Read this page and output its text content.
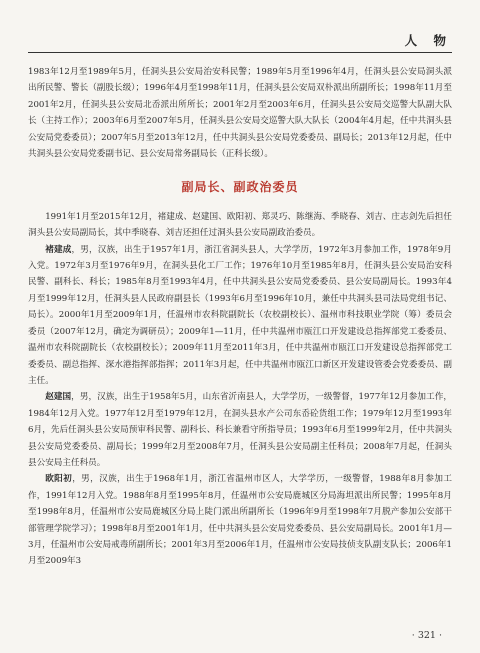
人 物

1983年12月至1989年5月，任洞头县公安局治安科民警；1989年5月至1996年4月，任洞头县公安局洞头派出所民警、警长（副股长级）；1996年4月至1998年11月，任洞头县公安局双朴派出所副所长；1998年11月至2001年2月，任洞头县公安局北岙派出所所长；2001年2月至2003年6月，任洞头县公安局交巡警大队副大队长（主持工作）；2003年6月至2007年5月，任洞头县公安局交巡警大队大队长（2004年4月起，任中共洞头县公安局党委委员）；2007年5月至2013年12月，任中共洞头县公安局党委委员、副局长；2013年12月起，任中共洞头县公安局党委副书记、县公安局常务副局长（正科长级）。

副局长、副政治委员

1991年1月至2015年12月，褚建成、赵建国、欧阳初、郑灵巧、陈继海、季晓春、刘吉、庄志剑先后担任洞头县公安局副局长，其中季晓春、刘吉还担任过洞头县公安局副政治委员。

褚建成，男，汉族，出生于1957年1月，浙江省洞头县人，大学学历，1972年3月参加工作，1978年9月入党。1972年3月至1976年9月，在洞头县化工厂工作；1976年10月至1985年8月，任洞头县公安局治安科民警、副科长、科长；1985年8月至1993年4月，任中共洞头县公安局党委委员、县公安局副局长。1993年4月至1999年12月，任洞头县人民政府副县长（1993年6月至1996年10月，兼任中共洞头县司法局党组书记、局长）。2000年1月至2009年1月，任温州市农科院副院长（农校副校长）、温州市科技职业学院（筹）委员会委员（2007年12月，确定为调研员）；2009年1—11月，任中共温州市瓯江口开发建设总指挥部党工委委员、温州市农科院副院长（农校副校长）；2009年11月至2011年3月，任中共温州市瓯江口开发建设总指挥部党工委委员、副总指挥、深水港指挥部指挥；2011年3月起，任中共温州市瓯江口新区开发建设管委会党委委员、副主任。

赵建国，男，汉族，出生于1958年5月，山东省沂南县人，大学学历，一级警督，1977年12月参加工作，1984年12月入党。1977年12月至1979年12月，在洞头县水产公司东岙砼货组工作；1979年12月至1993年6月，先后任洞头县公安局预审科民警、副科长、科长兼看守所指导员；1993年6月至1999年2月，任中共洞头县公安局党委委员、副局长；1999年2月至2008年7月，任洞头县公安局副主任科员；2008年7月起，任洞头县公安局主任科员。

欧阳初，男，汉族，出生于1968年1月，浙江省温州市区人，大学学历，一级警督，1988年8月参加工作，1991年12月入党。1988年8月至1995年8月，任温州市公安局鹿城区分局海坦派出所民警；1995年8月至1998年8月，任温州市公安局鹿城区分局上陡门派出所副所长（1996年9月至1998年7月脱产参加公安部干部管理学院学习）；1998年8月至2001年1月，任中共洞头县公安局党委委员、县公安局副局长。2001年1月—3月，任温州市公安局戒毒所副所长；2001年3月至2006年1月，任温州市公安局技侦支队副支队长；2006年1月至2009年3

· 321 ·
